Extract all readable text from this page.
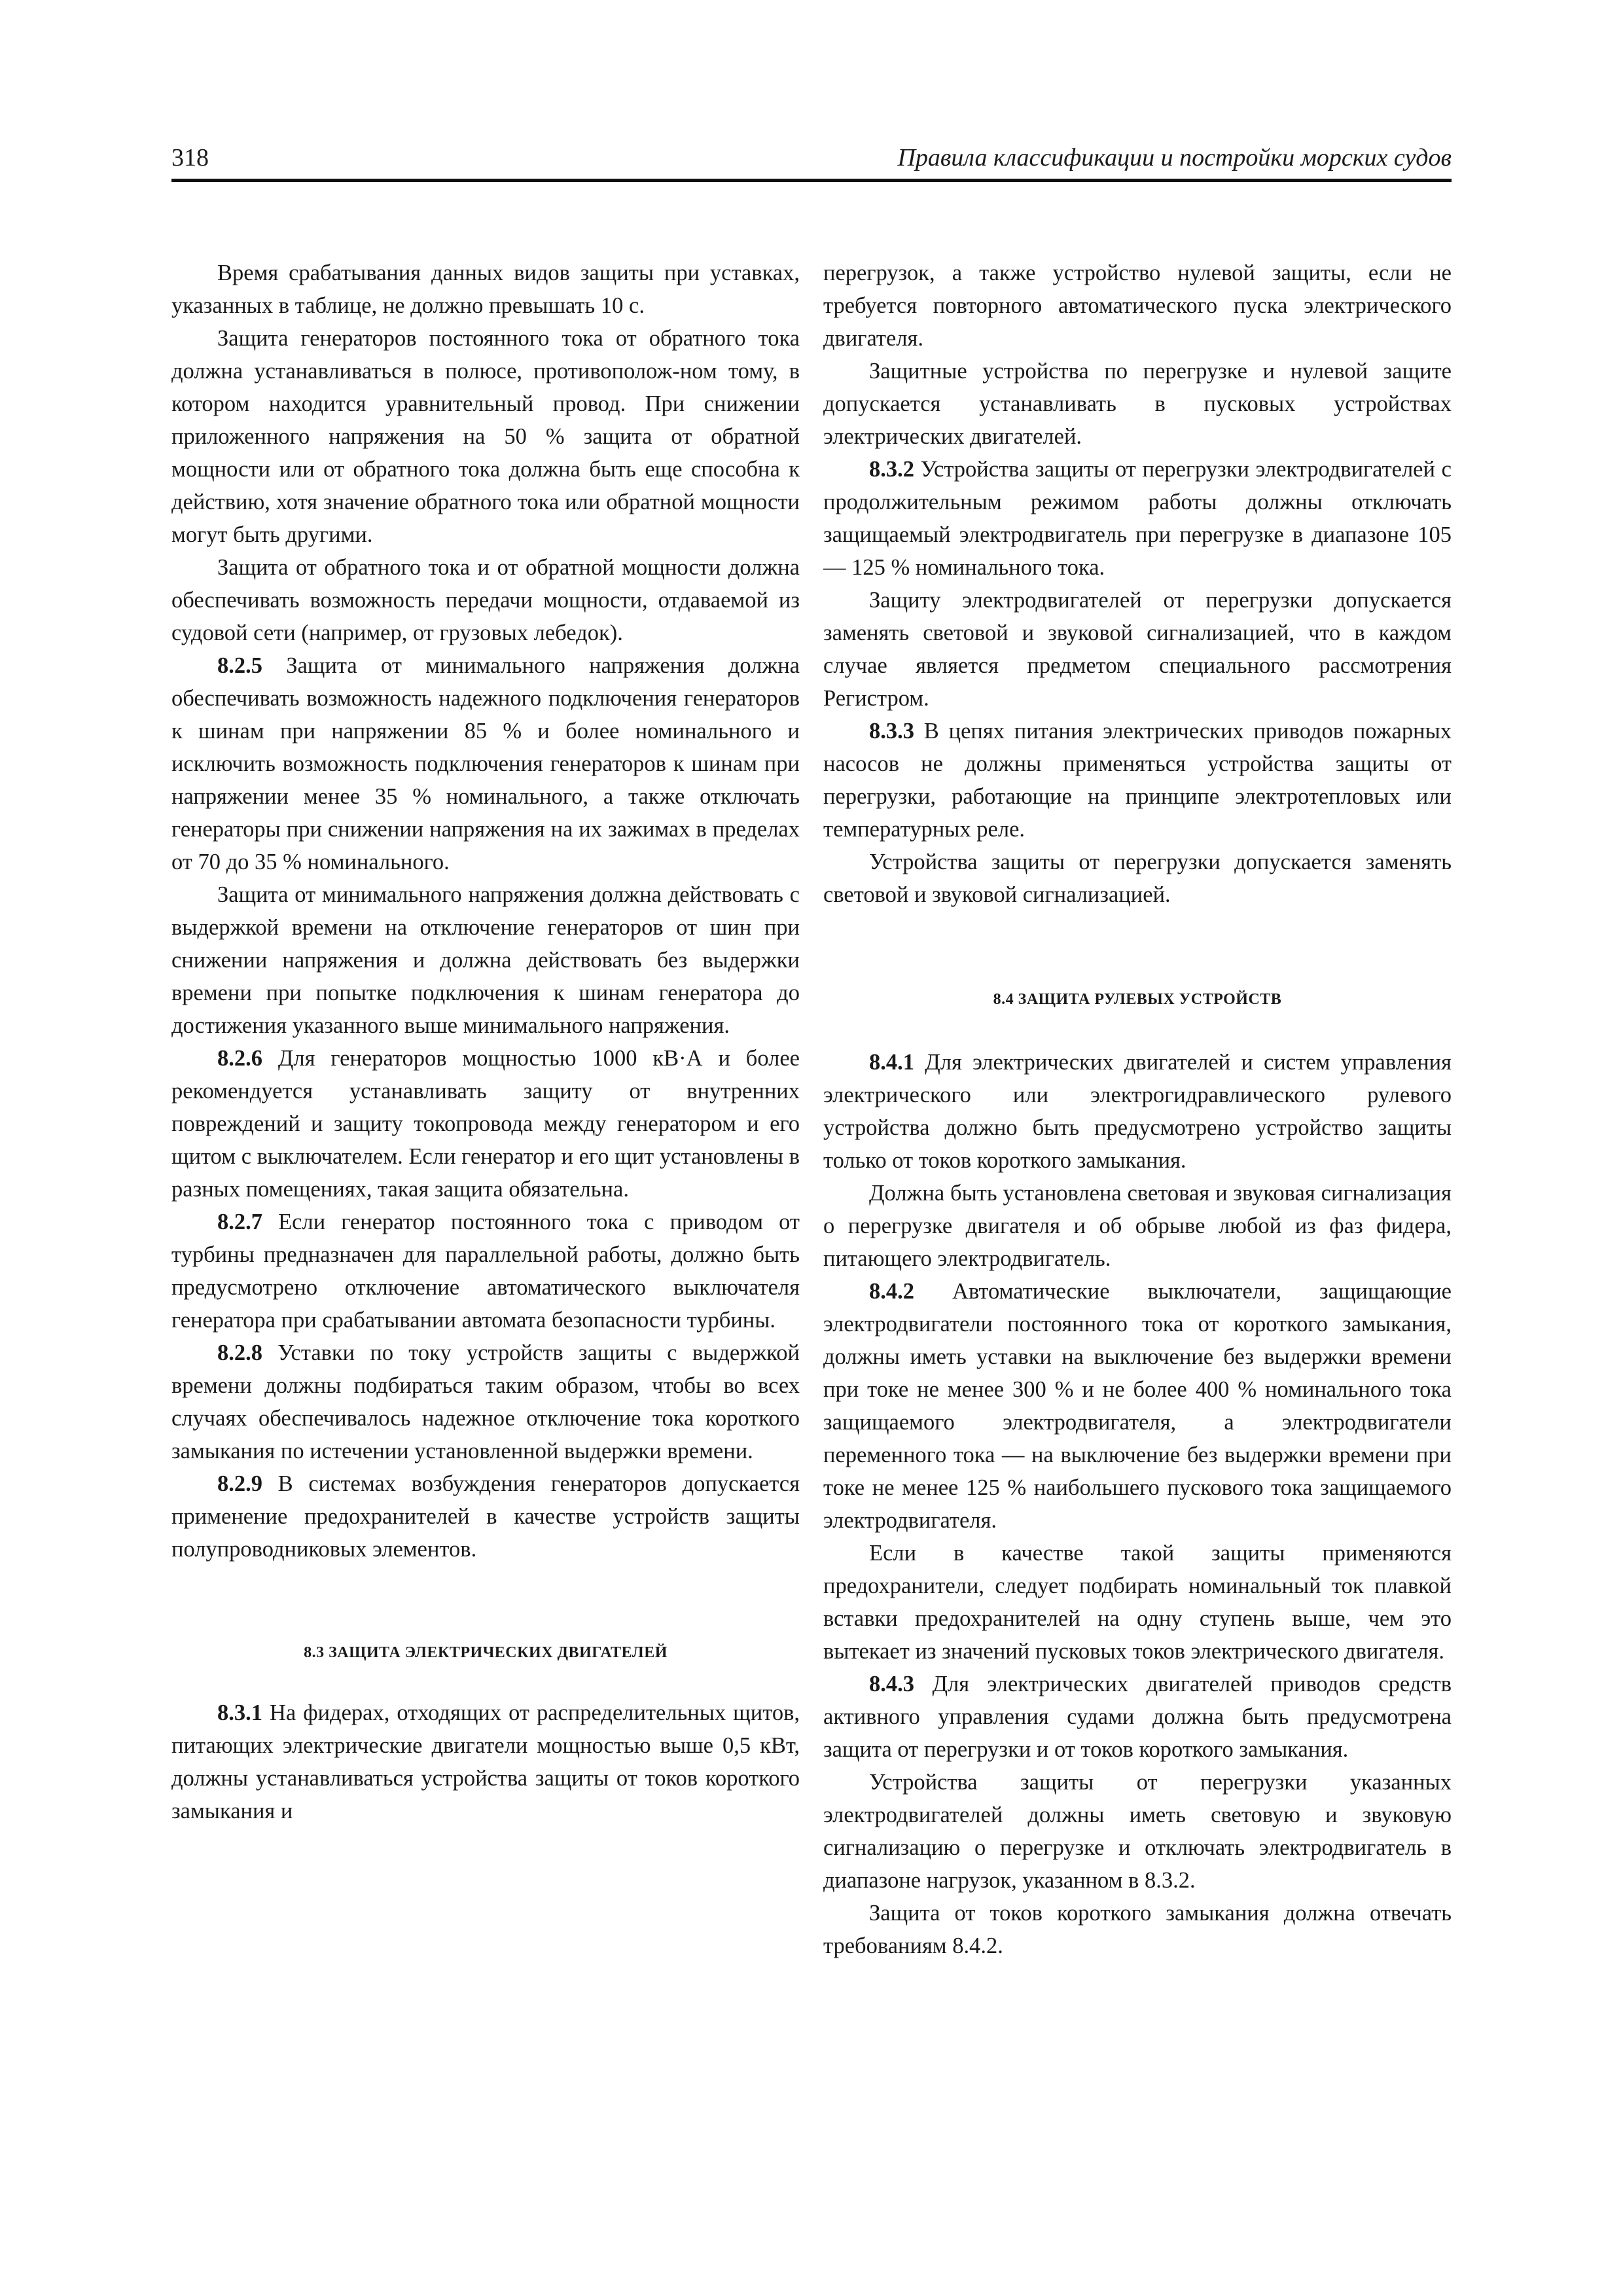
318	Правила классификации и постройки морских судов

Время срабатывания данных видов защиты при уставках, указанных в таблице, не должно превышать 10 с.

Защита генераторов постоянного тока от обратного тока должна устанавливаться в полюсе, противополож-ном тому, в котором находится уравнительный провод. При снижении приложенного напряжения на 50 % защита от обратной мощности или от обратного тока должна быть еще способна к действию, хотя значение обратного тока или обратной мощности могут быть другими.

Защита от обратного тока и от обратной мощности должна обеспечивать возможность передачи мощности, отдаваемой из судовой сети (например, от грузовых лебедок).

8.2.5 Защита от минимального напряжения должна обеспечивать возможность надежного подключения генераторов к шинам при напряжении 85 % и более номинального и исключить возможность подключения генераторов к шинам при напряжении менее 35 % номинального, а также отключать генераторы при снижении напряжения на их зажимах в пределах от 70 до 35 % номинального.

Защита от минимального напряжения должна действовать с выдержкой времени на отключение генераторов от шин при снижении напряжения и должна действовать без выдержки времени при попытке подключения к шинам генератора до достижения указанного выше минимального напряжения.

8.2.6 Для генераторов мощностью 1000 кВ·А и более рекомендуется устанавливать защиту от внутренних повреждений и защиту токопровода между генератором и его щитом с выключателем. Если генератор и его щит установлены в разных помещениях, такая защита обязательна.

8.2.7 Если генератор постоянного тока с приводом от турбины предназначен для параллельной работы, должно быть предусмотрено отключение автоматического выключателя генератора при срабатывании автомата безопасности турбины.

8.2.8 Уставки по току устройств защиты с выдержкой времени должны подбираться таким образом, чтобы во всех случаях обеспечивалось надежное отключение тока короткого замыкания по истечении установленной выдержки времени.

8.2.9 В системах возбуждения генераторов допускается применение предохранителей в качестве устройств защиты полупроводниковых элементов.

8.3 ЗАЩИТА ЭЛЕКТРИЧЕСКИХ ДВИГАТЕЛЕЙ

8.3.1 На фидерах, отходящих от распределительных щитов, питающих электрические двигатели мощностью выше 0,5 кВт, должны устанавливаться устройства защиты от токов короткого замыкания и

перегрузок, а также устройство нулевой защиты, если не требуется повторного автоматического пуска электрического двигателя.

Защитные устройства по перегрузке и нулевой защите допускается устанавливать в пусковых устройствах электрических двигателей.

8.3.2 Устройства защиты от перегрузки электродвигателей с продолжительным режимом работы должны отключать защищаемый электродвигатель при перегрузке в диапазоне 105 — 125 % номинального тока.

Защиту электродвигателей от перегрузки допускается заменять световой и звуковой сигнализацией, что в каждом случае является предметом специального рассмотрения Регистром.

8.3.3 В цепях питания электрических приводов пожарных насосов не должны применяться устройства защиты от перегрузки, работающие на принципе электротепловых или температурных реле.

Устройства защиты от перегрузки допускается заменять световой и звуковой сигнализацией.

8.4 ЗАЩИТА РУЛЕВЫХ УСТРОЙСТВ

8.4.1 Для электрических двигателей и систем управления электрического или электрогидравлического рулевого устройства должно быть предусмотрено устройство защиты только от токов короткого замыкания.

Должна быть установлена световая и звуковая сигнализация о перегрузке двигателя и об обрыве любой из фаз фидера, питающего электродвигатель.

8.4.2 Автоматические выключатели, защищающие электродвигатели постоянного тока от короткого замыкания, должны иметь уставки на выключение без выдержки времени при токе не менее 300 % и не более 400 % номинального тока защищаемого электродвигателя, а электродвигатели переменного тока — на выключение без выдержки времени при токе не менее 125 % наибольшего пускового тока защищаемого электродвигателя.

Если в качестве такой защиты применяются предохранители, следует подбирать номинальный ток плавкой вставки предохранителей на одну ступень выше, чем это вытекает из значений пусковых токов электрического двигателя.

8.4.3 Для электрических двигателей приводов средств активного управления судами должна быть предусмотрена защита от перегрузки и от токов короткого замыкания.

Устройства защиты от перегрузки указанных электродвигателей должны иметь световую и звуковую сигнализацию о перегрузке и отключать электродвигатель в диапазоне нагрузок, указанном в 8.3.2.

Защита от токов короткого замыкания должна отвечать требованиям 8.4.2.
